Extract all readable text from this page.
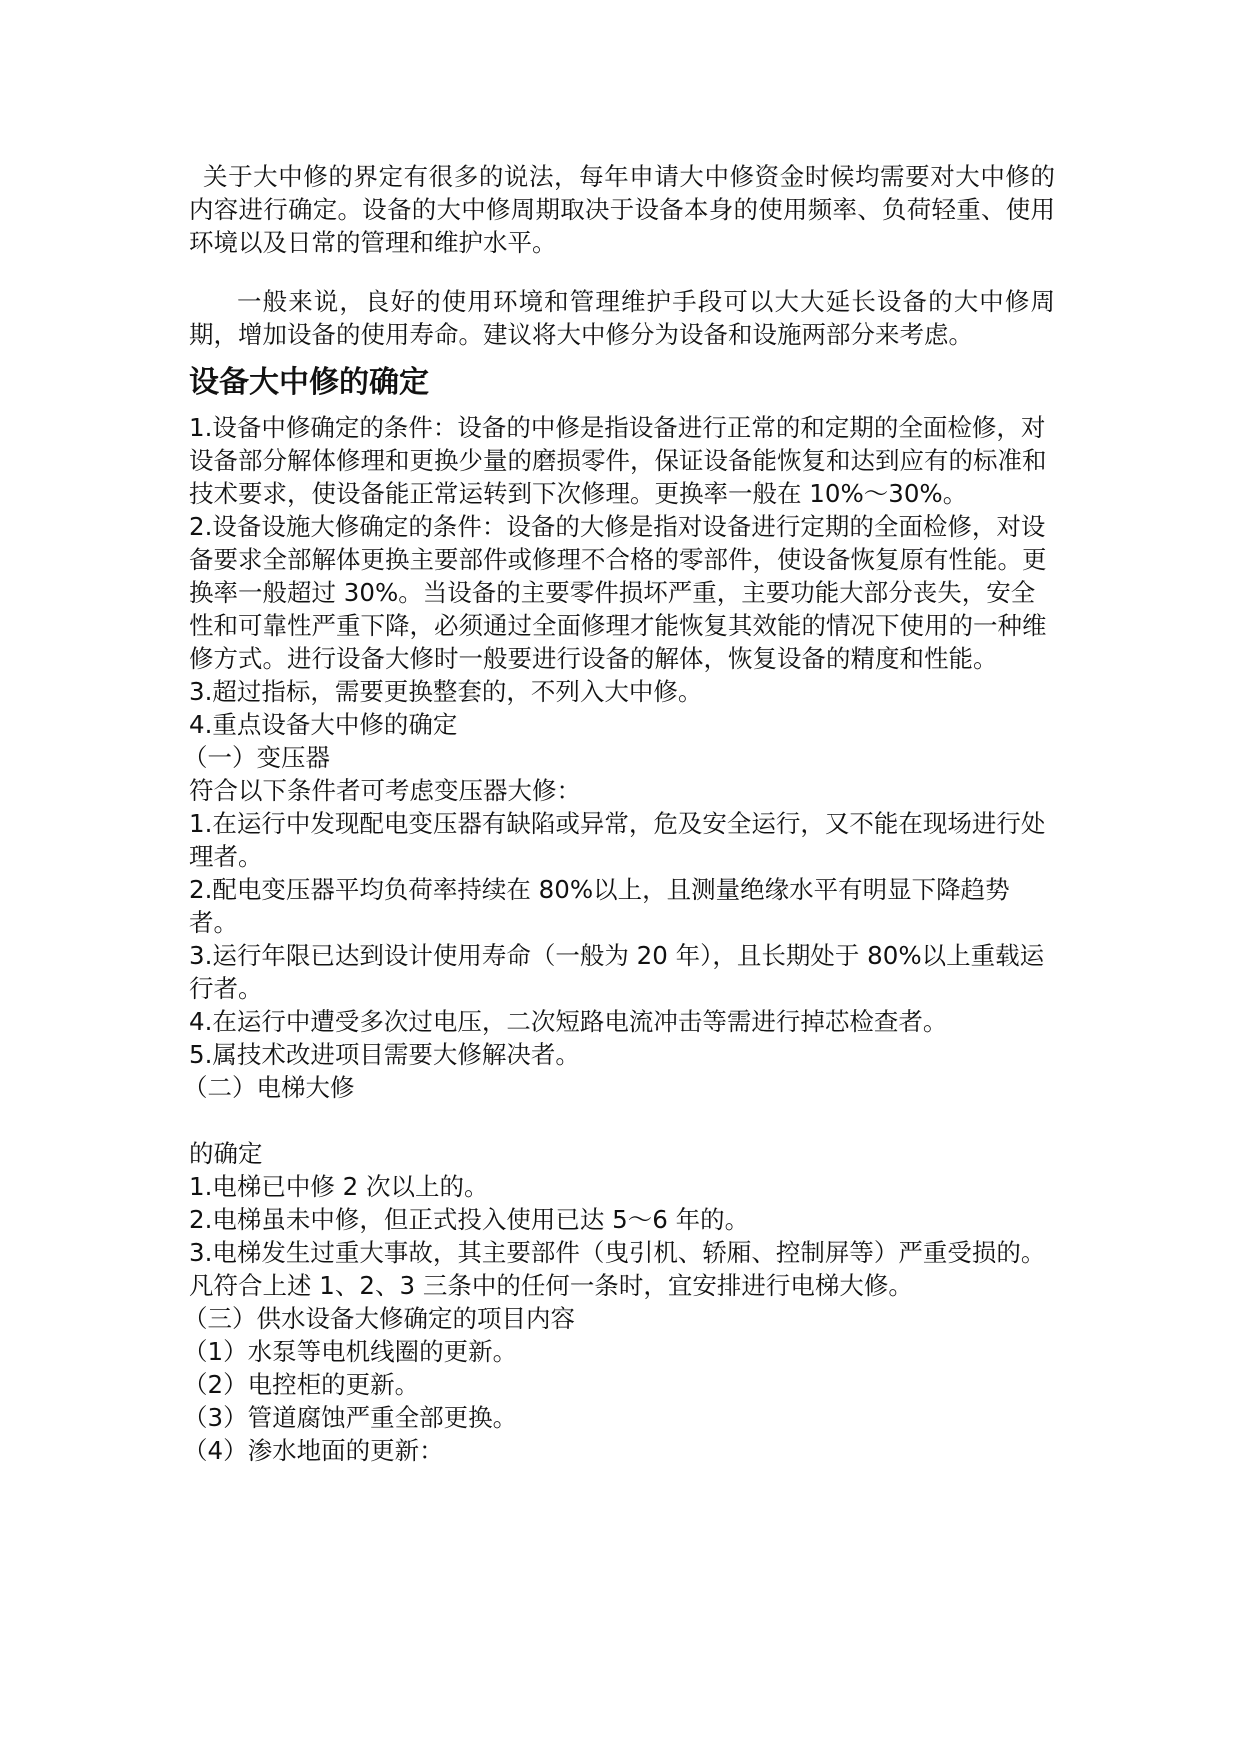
关于大中修的界定有很多的说法，每年申请大中修资金时候均需要对大中修的内容进行确定。设备的大中修周期取决于设备本身的使用频率、负荷轻重、使用环境以及日常的管理和维护水平。

一般来说，良好的使用环境和管理维护手段可以大大延长设备的大中修周期，增加设备的使用寿命。建议将大中修分为设备和设施两部分来考虑。

设备大中修的确定

1.设备中修确定的条件：设备的中修是指设备进行正常的和定期的全面检修，对设备部分解体修理和更换少量的磨损零件，保证设备能恢复和达到应有的标准和技术要求，使设备能正常运转到下次修理。更换率一般在 10%～30%。

2.设备设施大修确定的条件：设备的大修是指对设备进行定期的全面检修，对设备要求全部解体更换主要部件或修理不合格的零部件，使设备恢复原有性能。更换率一般超过 30%。当设备的主要零件损坏严重，主要功能大部分丧失，安全性和可靠性严重下降，必须通过全面修理才能恢复其效能的情况下使用的一种维修方式。进行设备大修时一般要进行设备的解体，恢复设备的精度和性能。

3.超过指标，需要更换整套的，不列入大中修。

4.重点设备大中修的确定

（一）变压器

符合以下条件者可考虑变压器大修：

1.在运行中发现配电变压器有缺陷或异常，危及安全运行，又不能在现场进行处理者。

2.配电变压器平均负荷率持续在 80%以上，且测量绝缘水平有明显下降趋势者。

3.运行年限已达到设计使用寿命（一般为 20 年），且长期处于 80%以上重载运行者。

4.在运行中遭受多次过电压，二次短路电流冲击等需进行掉芯检查者。

5.属技术改进项目需要大修解决者。

（二）电梯大修

的确定

1.电梯已中修 2 次以上的。

2.电梯虽未中修，但正式投入使用已达 5～6 年的。

3.电梯发生过重大事故，其主要部件（曳引机、轿厢、控制屏等）严重受损的。

凡符合上述 1、2、3 三条中的任何一条时，宜安排进行电梯大修。

（三）供水设备大修确定的项目内容

（1）水泵等电机线圈的更新。

（2）电控柜的更新。

（3）管道腐蚀严重全部更换。

（4）渗水地面的更新：
